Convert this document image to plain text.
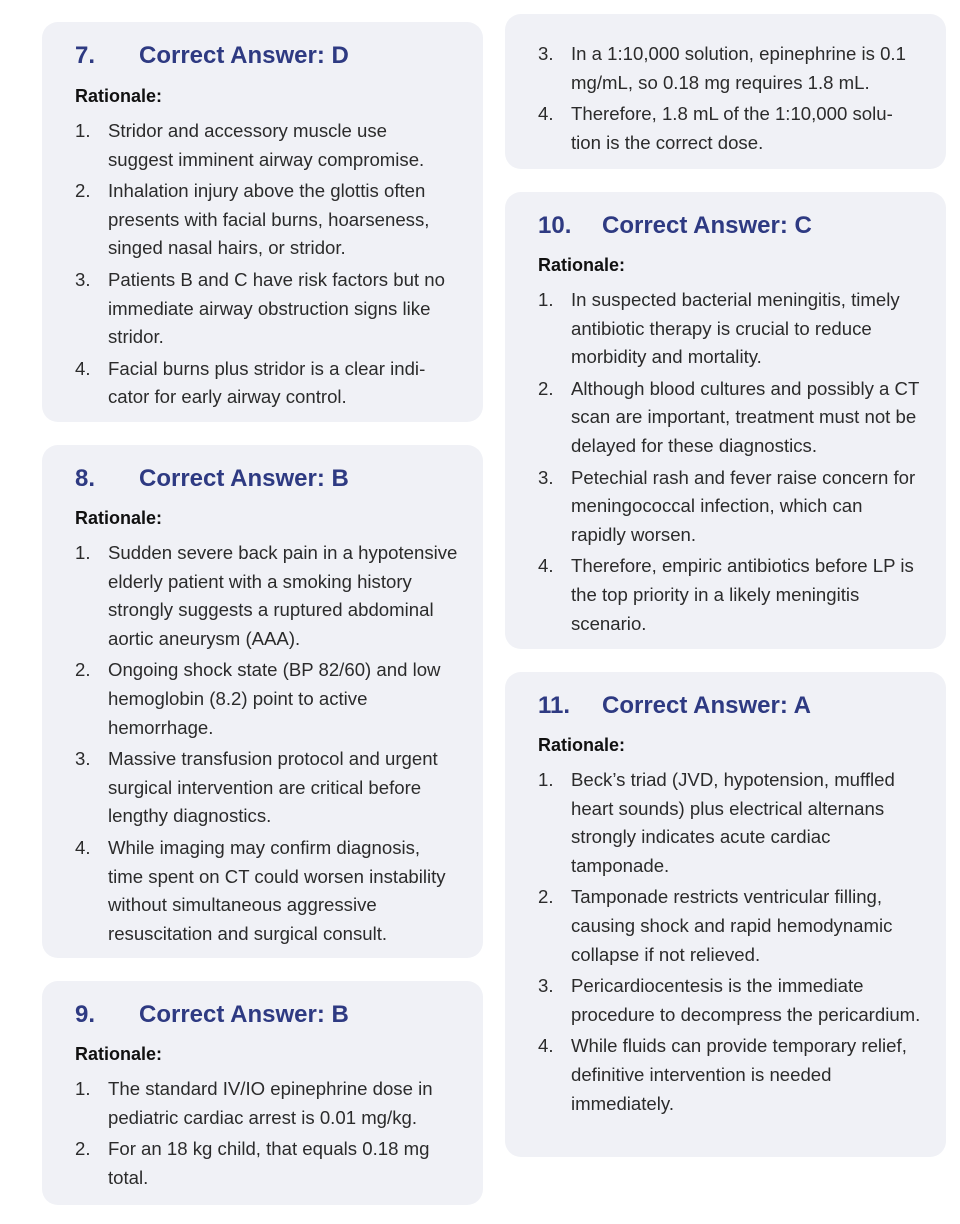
7. Correct Answer: D

Rationale:

1. Stridor and accessory muscle use suggest imminent airway compromise.
2. Inhalation injury above the glottis often presents with facial burns, hoarseness, singed nasal hairs, or stridor.
3. Patients B and C have risk factors but no immediate airway obstruction signs like stridor.
4. Facial burns plus stridor is a clear indicator for early airway control.
8. Correct Answer: B

Rationale:

1. Sudden severe back pain in a hypotensive elderly patient with a smoking history strongly suggests a ruptured abdominal aortic aneurysm (AAA).
2. Ongoing shock state (BP 82/60) and low hemoglobin (8.2) point to active hemorrhage.
3. Massive transfusion protocol and urgent surgical intervention are critical before lengthy diagnostics.
4. While imaging may confirm diagnosis, time spent on CT could worsen instability without simultaneous aggressive resuscitation and surgical consult.
9. Correct Answer: B

Rationale:

1. The standard IV/IO epinephrine dose in pediatric cardiac arrest is 0.01 mg/kg.
2. For an 18 kg child, that equals 0.18 mg total.
3. In a 1:10,000 solution, epinephrine is 0.1 mg/mL, so 0.18 mg requires 1.8 mL.
4. Therefore, 1.8 mL of the 1:10,000 solution is the correct dose.
10. Correct Answer: C

Rationale:

1. In suspected bacterial meningitis, timely antibiotic therapy is crucial to reduce morbidity and mortality.
2. Although blood cultures and possibly a CT scan are important, treatment must not be delayed for these diagnostics.
3. Petechial rash and fever raise concern for meningococcal infection, which can rapidly worsen.
4. Therefore, empiric antibiotics before LP is the top priority in a likely meningitis scenario.
11. Correct Answer: A

Rationale:

1. Beck’s triad (JVD, hypotension, muffled heart sounds) plus electrical alternans strongly indicates acute cardiac tamponade.
2. Tamponade restricts ventricular filling, causing shock and rapid hemodynamic collapse if not relieved.
3. Pericardiocentesis is the immediate procedure to decompress the pericardium.
4. While fluids can provide temporary relief, definitive intervention is needed immediately.
